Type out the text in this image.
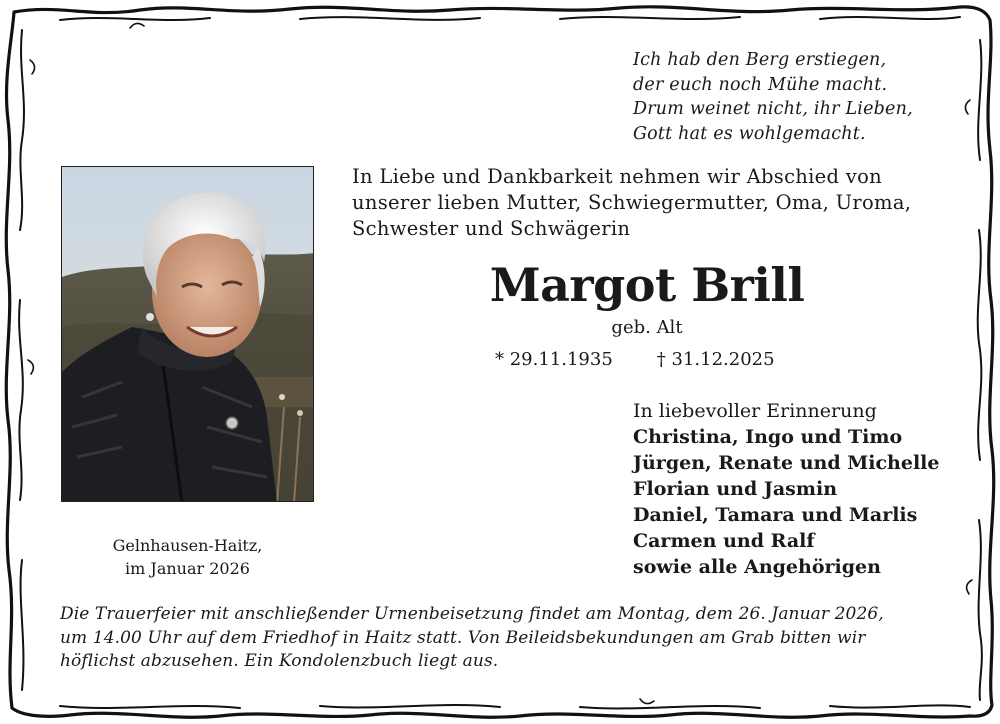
Ich hab den Berg erstiegen,
der euch noch Mühe macht.
Drum weinet nicht, ihr Lieben,
Gott hat es wohlgemacht.
In Liebe und Dankbarkeit nehmen wir Abschied von
unserer lieben Mutter, Schwiegermutter, Oma, Uroma,
Schwester und Schwägerin
Margot Brill
geb. Alt
* 29.11.1935 † 31.12.2025
In liebevoller Erinnerung
Christina, Ingo und Timo
Jürgen, Renate und Michelle
Florian und Jasmin
Daniel, Tamara und Marlis
Carmen und Ralf
sowie alle Angehörigen
Gelnhausen-Haitz,
im Januar 2026
Die Trauerfeier mit anschließender Urnenbeisetzung findet am Montag, dem 26. Januar 2026,
um 14.00 Uhr auf dem Friedhof in Haitz statt. Von Beileidsbekundungen am Grab bitten wir
höflichst abzusehen. Ein Kondolenzbuch liegt aus.
